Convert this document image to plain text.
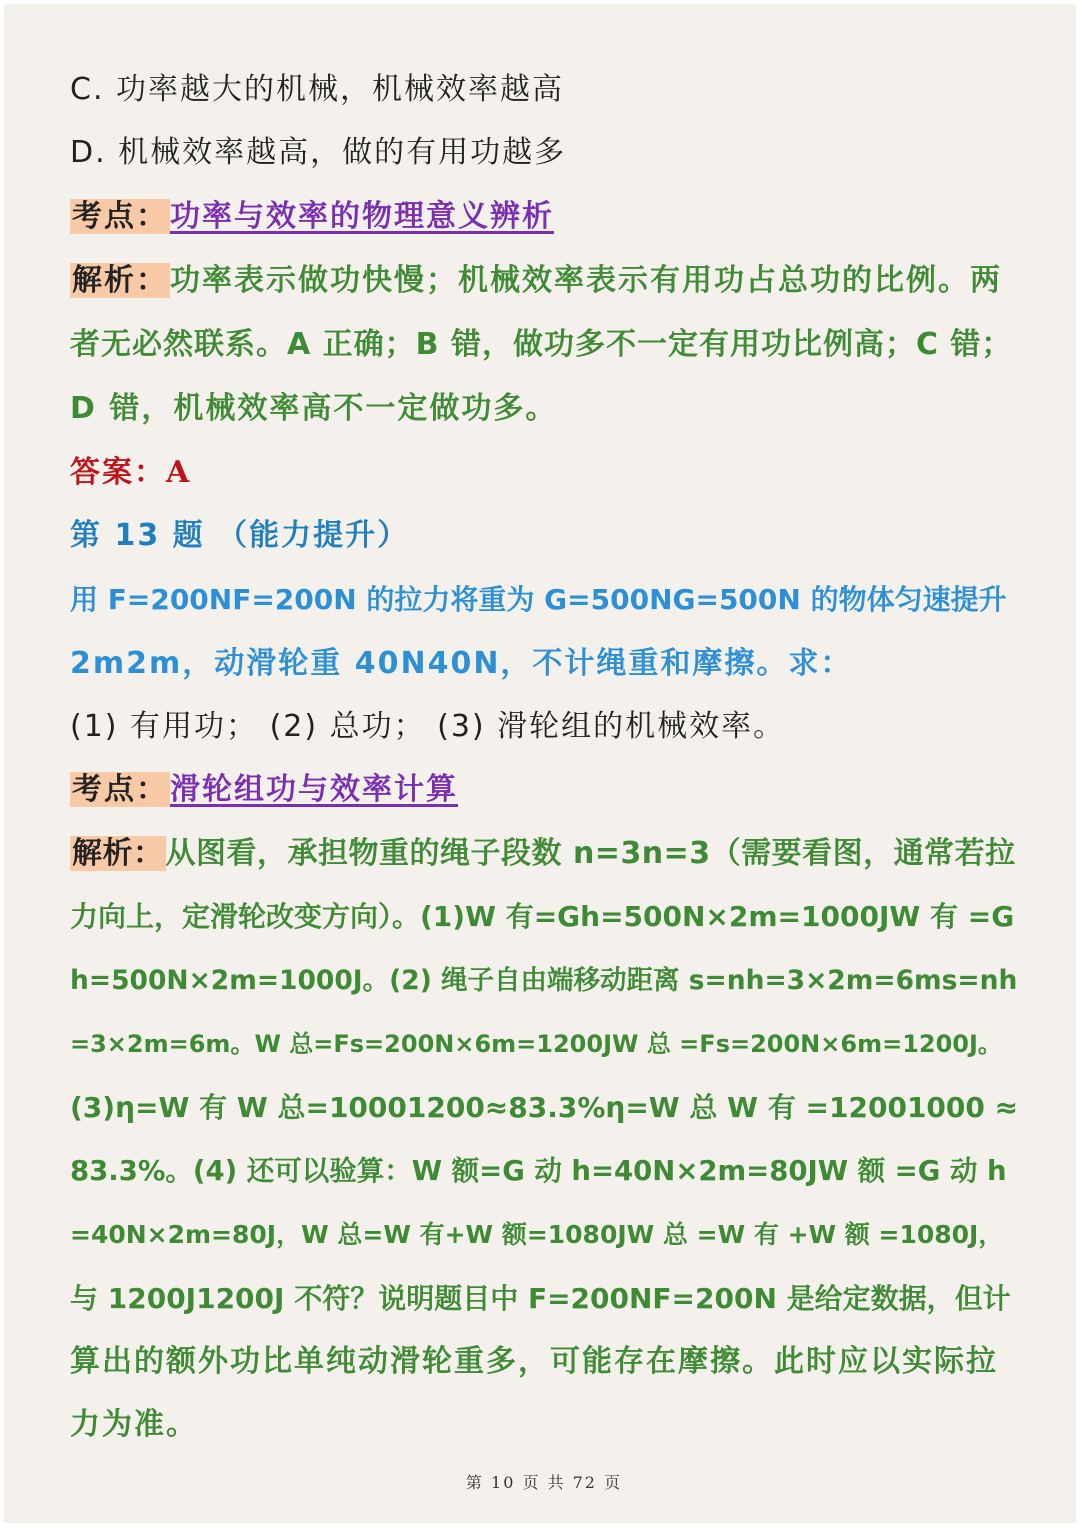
C. 功率越大的机械，机械效率越高
D. 机械效率越高，做的有用功越多
考点：功率与效率的物理意义辨析
解析：功率表示做功快慢；机械效率表示有用功占总功的比例。两
者无必然联系。A 正确；B 错，做功多不一定有用功比例高；C 错；
D 错，机械效率高不一定做功多。
答案：A
第 13 题 （能力提升）
用 F=200NF=200N 的拉力将重为 G=500NG=500N 的物体匀速提升
2m2m，动滑轮重 40N40N，不计绳重和摩擦。求：
(1) 有用功； (2) 总功； (3) 滑轮组的机械效率。
考点：滑轮组功与效率计算
解析：从图看，承担物重的绳子段数 n=3n=3（需要看图，通常若拉
力向上，定滑轮改变方向）。(1)W 有=Gh=500N×2m=1000JW 有 =G
h=500N×2m=1000J。(2) 绳子自由端移动距离 s=nh=3×2m=6ms=nh
=3×2m=6m。W 总=Fs=200N×6m=1200JW 总 =Fs=200N×6m=1200J。
(3)η=W 有 W 总=10001200≈83.3%η=W 总 W 有 =12001000 ≈
83.3%。(4) 还可以验算：W 额=G 动 h=40N×2m=80JW 额 =G 动 h
=40N×2m=80J，W 总=W 有+W 额=1080JW 总 =W 有 +W 额 =1080J，
与 1200J1200J 不符？说明题目中 F=200NF=200N 是给定数据，但计
算出的额外功比单纯动滑轮重多，可能存在摩擦。此时应以实际拉
力为准。
第 10 页 共 72 页
